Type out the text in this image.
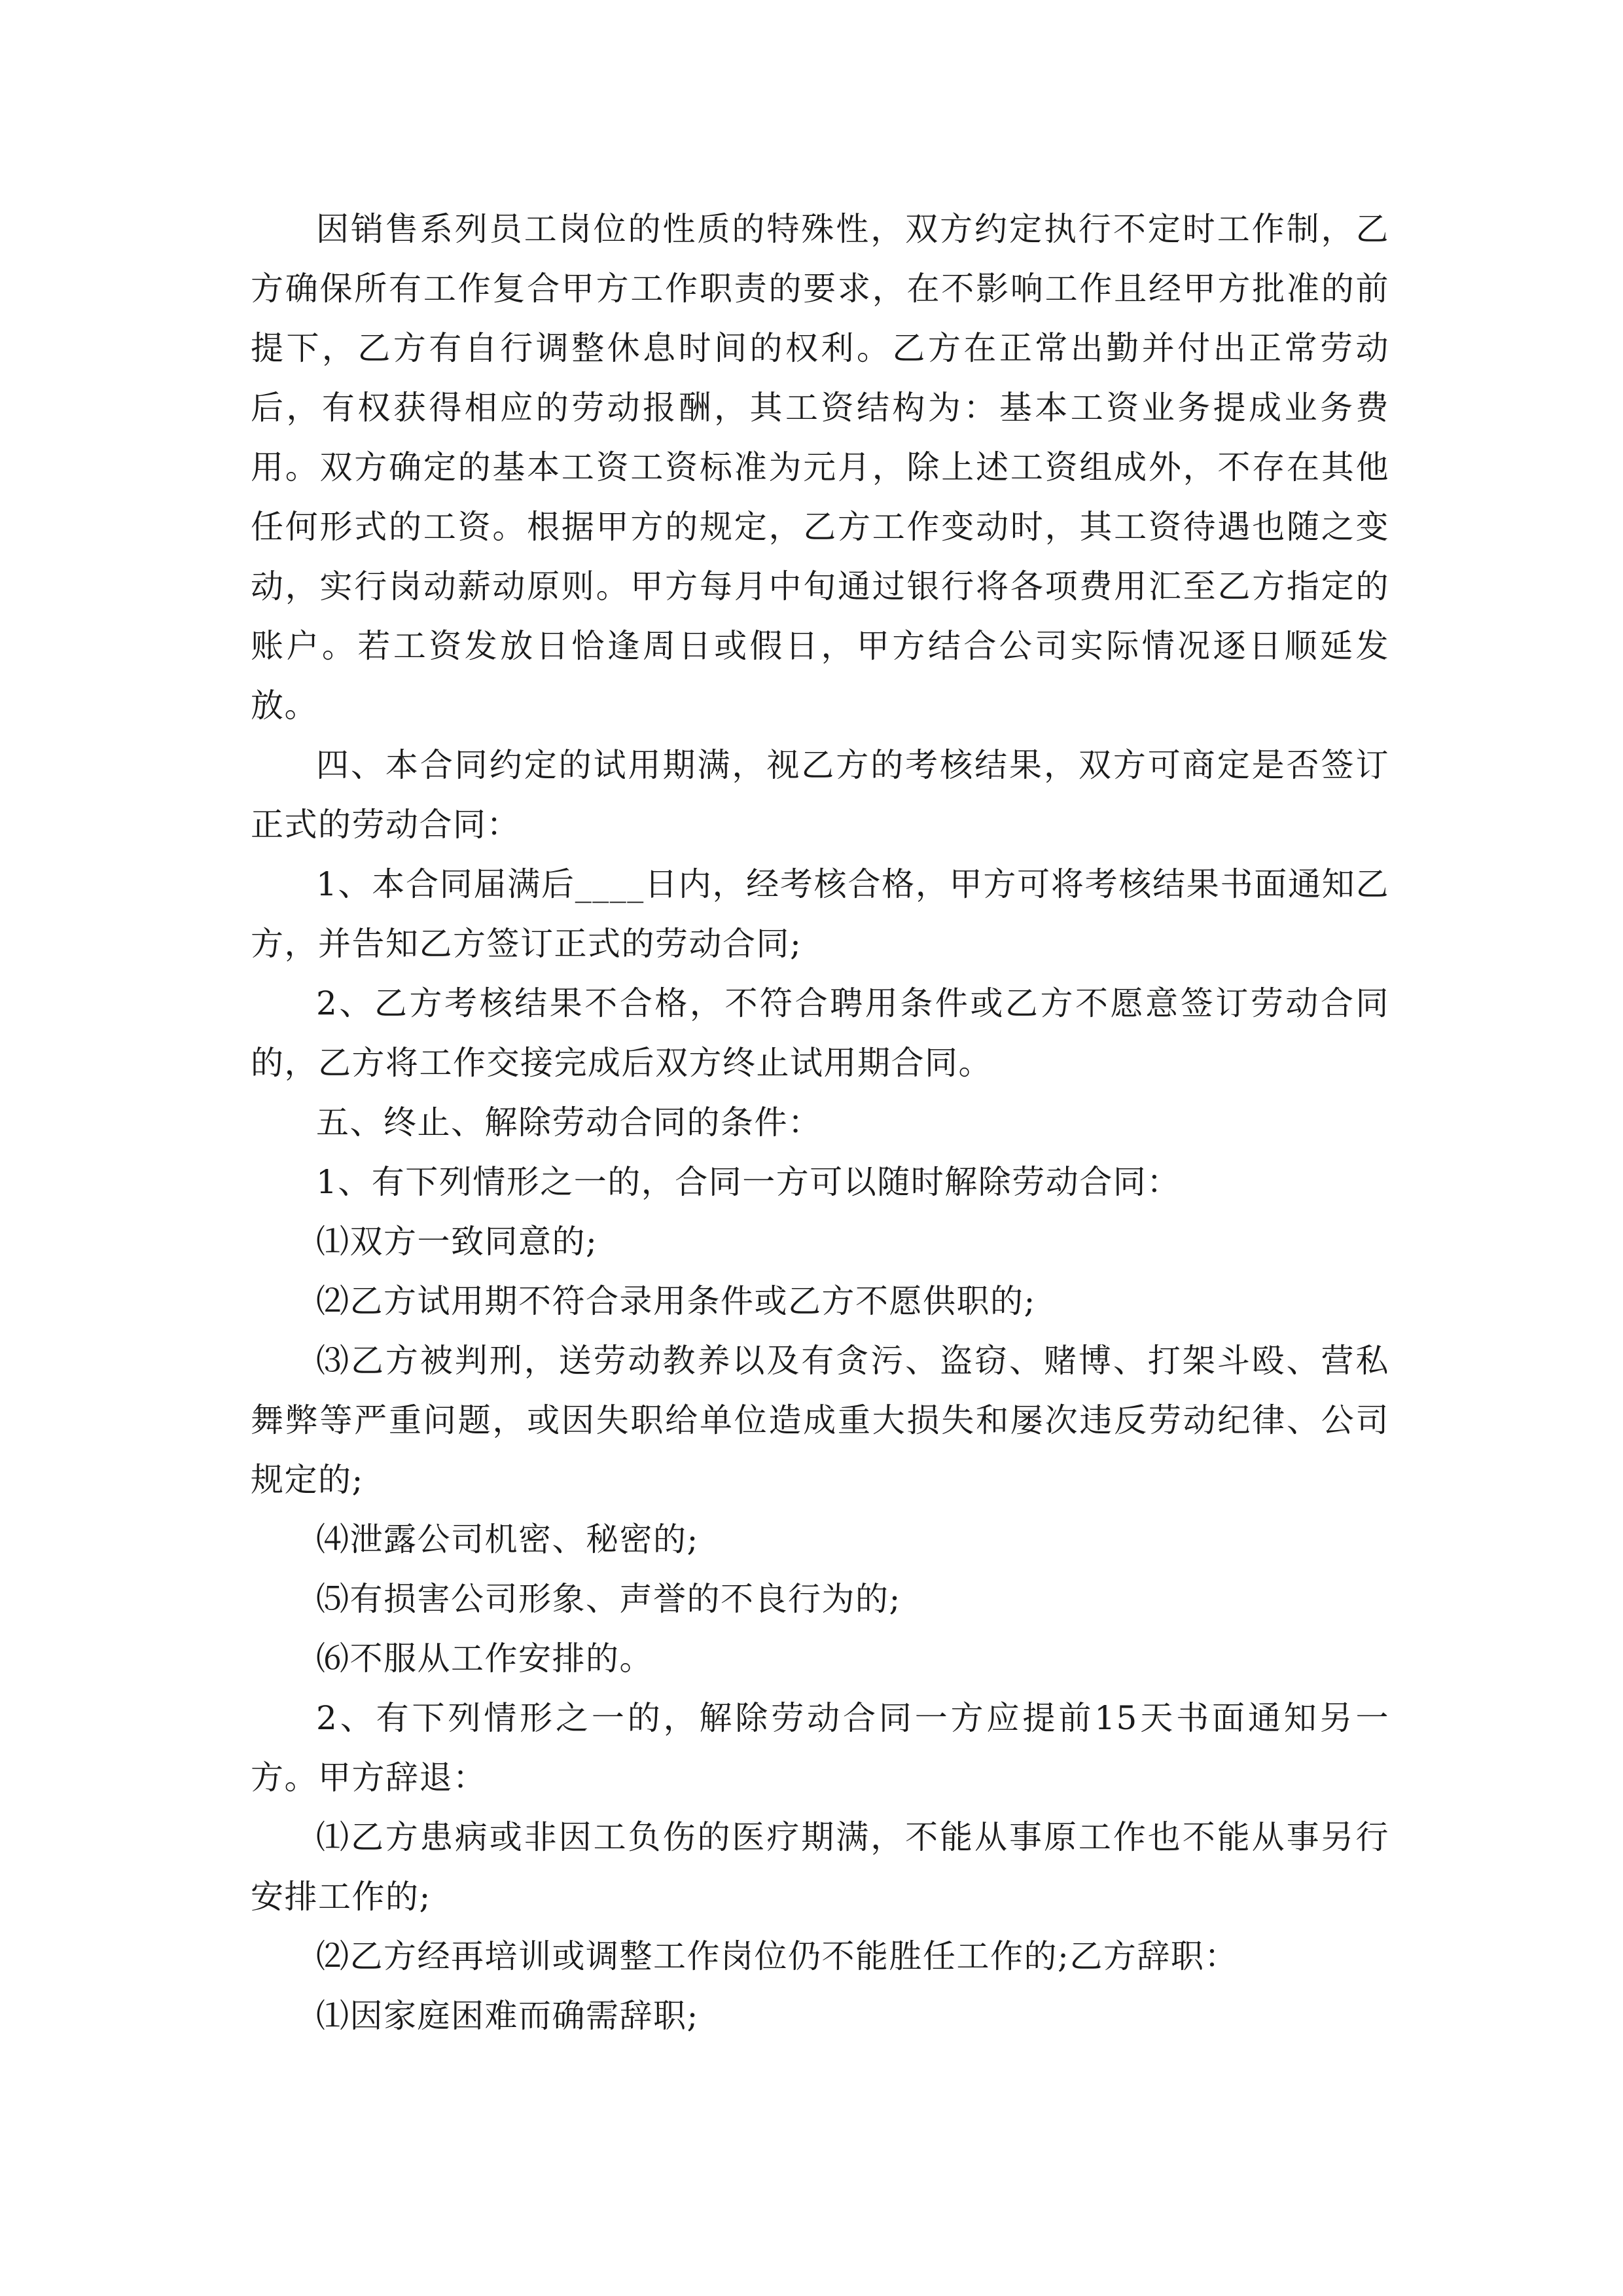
因销售系列员工岗位的性质的特殊性，双方约定执行不定时工作制，乙方确保所有工作复合甲方工作职责的要求，在不影响工作且经甲方批准的前提下，乙方有自行调整休息时间的权利。乙方在正常出勤并付出正常劳动后，有权获得相应的劳动报酬，其工资结构为：基本工资业务提成业务费用。双方确定的基本工资工资标准为元月，除上述工资组成外，不存在其他任何形式的工资。根据甲方的规定，乙方工作变动时，其工资待遇也随之变动，实行岗动薪动原则。甲方每月中旬通过银行将各项费用汇至乙方指定的账户。若工资发放日恰逢周日或假日，甲方结合公司实际情况逐日顺延发放。

四、本合同约定的试用期满，视乙方的考核结果，双方可商定是否签订正式的劳动合同：

1、本合同届满后____日内，经考核合格，甲方可将考核结果书面通知乙方，并告知乙方签订正式的劳动合同;

2、乙方考核结果不合格，不符合聘用条件或乙方不愿意签订劳动合同的，乙方将工作交接完成后双方终止试用期合同。

五、终止、解除劳动合同的条件：

1、有下列情形之一的，合同一方可以随时解除劳动合同：

⑴双方一致同意的;

⑵乙方试用期不符合录用条件或乙方不愿供职的;

⑶乙方被判刑，送劳动教养以及有贪污、盗窃、赌博、打架斗殴、营私舞弊等严重问题，或因失职给单位造成重大损失和屡次违反劳动纪律、公司规定的;

⑷泄露公司机密、秘密的;

⑸有损害公司形象、声誉的不良行为的;

⑹不服从工作安排的。

2、有下列情形之一的，解除劳动合同一方应提前15天书面通知另一方。甲方辞退：

⑴乙方患病或非因工负伤的医疗期满，不能从事原工作也不能从事另行安排工作的;

⑵乙方经再培训或调整工作岗位仍不能胜任工作的;乙方辞职：

⑴因家庭困难而确需辞职;
